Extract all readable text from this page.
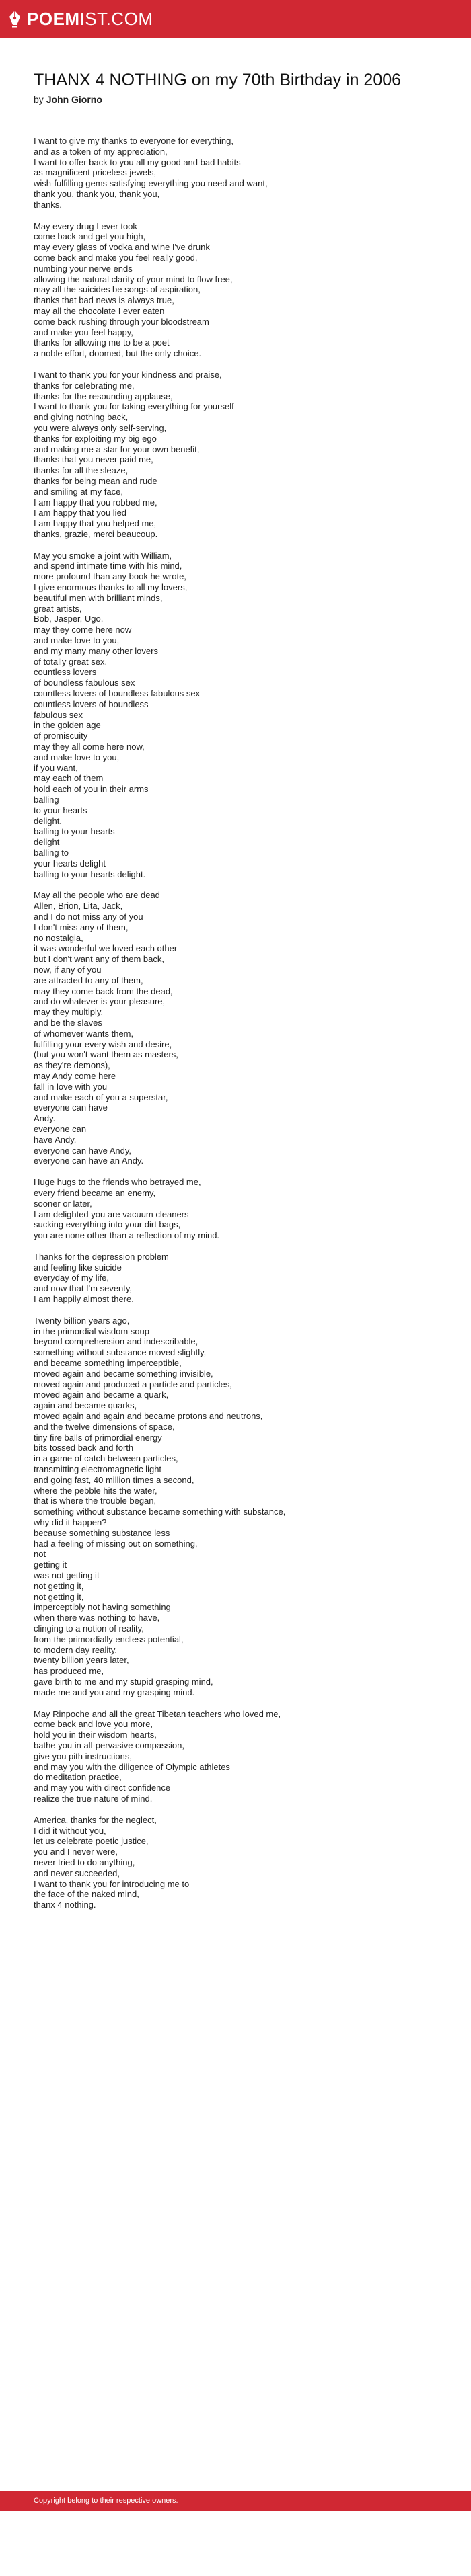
POEM IST.COM
THANX 4 NOTHING on my 70th Birthday in 2006
by John Giorno
I want to give my thanks to everyone for everything,
and as a token of my appreciation,
I want to offer back to you all my good and bad habits
as magnificent priceless jewels,
wish-fulfilling gems satisfying everything you need and want,
thank you, thank you, thank you,
thanks.
May every drug I ever took
come back and get you high,
may every glass of vodka and wine I've drunk
come back and make you feel really good,
numbing your nerve ends
allowing the natural clarity of your mind to flow free,
may all the suicides be songs of aspiration,
thanks that bad news is always true,
may all the chocolate I ever eaten
come back rushing through your bloodstream
and make you feel happy,
thanks for allowing me to be a poet
a noble effort, doomed, but the only choice.
I want to thank you for your kindness and praise,
thanks for celebrating me,
thanks for the resounding applause,
I want to thank you for taking everything for yourself
and giving nothing back,
you were always only self-serving,
thanks for exploiting my big ego
and making me a star for your own benefit,
thanks that you never paid me,
thanks for all the sleaze,
thanks for being mean and rude
and smiling at my face,
I am happy that you robbed me,
I am happy that you lied
I am happy that you helped me,
thanks, grazie, merci beaucoup.
May you smoke a joint with William,
and spend intimate time with his mind,
more profound than any book he wrote,
I give enormous thanks to all my lovers,
beautiful men with brilliant minds,
great artists,
Bob, Jasper, Ugo,
may they come here now
and make love to you,
and my many many other lovers
of totally great sex,
countless lovers
of boundless fabulous sex
countless lovers of boundless fabulous sex
countless lovers of boundless
fabulous sex
in the golden age
of promiscuity
may they all come here now,
and make love to you,
if you want,
may each of them
hold each of you in their arms
balling
to your hearts
delight.
balling to your hearts
delight
balling to
your hearts delight
balling to your hearts delight.
May all the people who are dead
Allen, Brion, Lita, Jack,
and I do not miss any of you
I don't miss any of them,
no nostalgia,
it was wonderful we loved each other
but I don't want any of them back,
now, if any of you
are attracted to any of them,
may they come back from the dead,
and do whatever is your pleasure,
may they multiply,
and be the slaves
of whomever wants them,
fulfilling your every wish and desire,
(but you won't want them as masters,
as they're demons),
may Andy come here
fall in love with you
and make each of you a superstar,
everyone can have
Andy.
everyone can
have Andy.
everyone can have Andy,
everyone can have an Andy.
Huge hugs to the friends who betrayed me,
every friend became an enemy,
sooner or later,
I am delighted you are vacuum cleaners
sucking everything into your dirt bags,
you are none other than a reflection of my mind.
Thanks for the depression problem
and feeling like suicide
everyday of my life,
and now that I'm seventy,
I am happily almost there.
Twenty billion years ago,
in the primordial wisdom soup
beyond comprehension and indescribable,
something without substance moved slightly,
and became something imperceptible,
moved again and became something invisible,
moved again and produced a particle and particles,
moved again and became a quark,
again and became quarks,
moved again and again and became protons and neutrons,
and the twelve dimensions of space,
tiny fire balls of primordial energy
bits tossed back and forth
in a game of catch between particles,
transmitting electromagnetic light
and going fast, 40 million times a second,
where the pebble hits the water,
that is where the trouble began,
something without substance became something with substance,
why did it happen?
because something substance less
had a feeling of missing out on something,
not
getting it
was not getting it
not getting it,
not getting it,
imperceptibly not having something
when there was nothing to have,
clinging to a notion of reality,
from the primordially endless potential,
to modern day reality,
twenty billion years later,
has produced me,
gave birth to me and my stupid grasping mind,
made me and you and my grasping mind.
May Rinpoche and all the great Tibetan teachers who loved me,
come back and love you more,
hold you in their wisdom hearts,
bathe you in all-pervasive compassion,
give you pith instructions,
and may you with the diligence of Olympic athletes
do meditation practice,
and may you with direct confidence
realize the true nature of mind.
America, thanks for the neglect,
I did it without you,
let us celebrate poetic justice,
you and I never were,
never tried to do anything,
and never succeeded,
I want to thank you for introducing me to
the face of the naked mind,
thanx 4 nothing.
Copyright belong to their respective owners.
